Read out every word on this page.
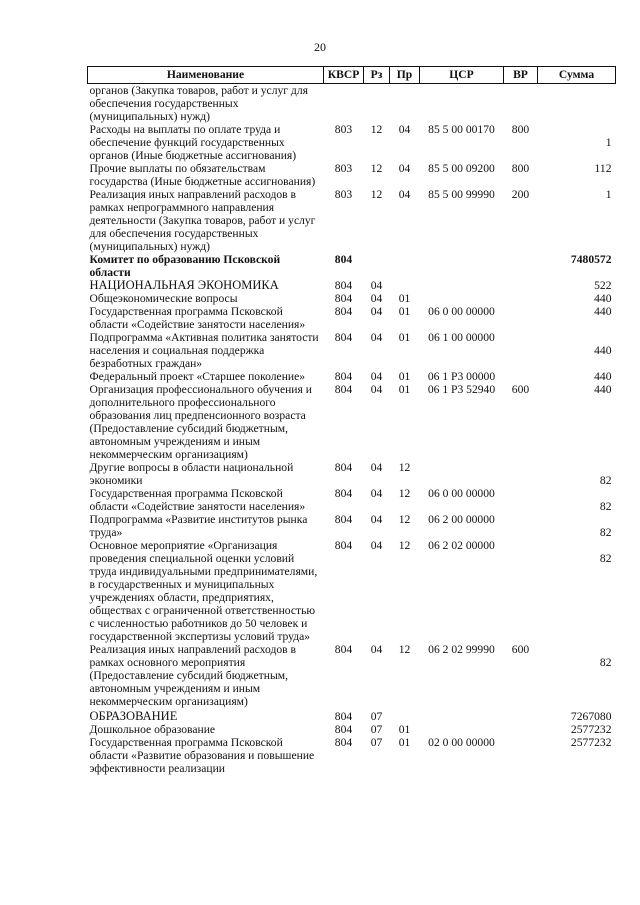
20
Наименование	КВСР	Рз	Пр	ЦСР	ВР	Сумма
органов (Закупка товаров, работ и услуг для обеспечения государственных (муниципальных) нужд)						
Расходы на выплаты по оплате труда и обеспечение функций государственных органов (Иные бюджетные ассигнования)	803	12	04	85 5 00 00170	800	1
Прочие выплаты по обязательствам государства (Иные бюджетные ассигнования)	803	12	04	85 5 00 09200	800	112
Реализация иных направлений расходов в рамках непрограммного направления деятельности (Закупка товаров, работ и услуг для обеспечения государственных (муниципальных) нужд)	803	12	04	85 5 00 99990	200	1
Комитет по образованию Псковской области	804					7480572
НАЦИОНАЛЬНАЯ ЭКОНОМИКА	804	04				522
Общеэкономические вопросы	804	04	01			440
Государственная программа Псковской области «Содействие занятости населения»	804	04	01	06 0 00 00000		440
Подпрограмма «Активная политика занятости населения и социальная поддержка безработных граждан»	804	04	01	06 1 00 00000		440
Федеральный проект «Старшее поколение»	804	04	01	06 1 P3 00000		440
Организация профессионального обучения и дополнительного профессионального образования лиц предпенсионного возраста (Предоставление субсидий бюджетным, автономным учреждениям и иным некоммерческим организациям)	804	04	01	06 1 P3 52940	600	440
Другие вопросы в области национальной экономики	804	04	12			82
Государственная программа Псковской области «Содействие занятости населения»	804	04	12	06 0 00 00000		82
Подпрограмма «Развитие институтов рынка труда»	804	04	12	06 2 00 00000		82
Основное мероприятие «Организация проведения специальной оценки условий труда индивидуальными предпринимателями, в государственных и муниципальных учреждениях области, предприятиях, обществах с ограниченной ответственностью с численностью работников до 50 человек и государственной экспертизы условий труда»	804	04	12	06 2 02 00000		82
Реализация иных направлений расходов в рамках основного мероприятия (Предоставление субсидий бюджетным, автономным учреждениям и иным некоммерческим организациям)	804	04	12	06 2 02 99990	600	82
ОБРАЗОВАНИЕ	804	07				7267080
Дошкольное образование	804	07	01			2577232
Государственная программа Псковской области «Развитие образования и повышение эффективности реализации	804	07	01	02 0 00 00000		2577232
